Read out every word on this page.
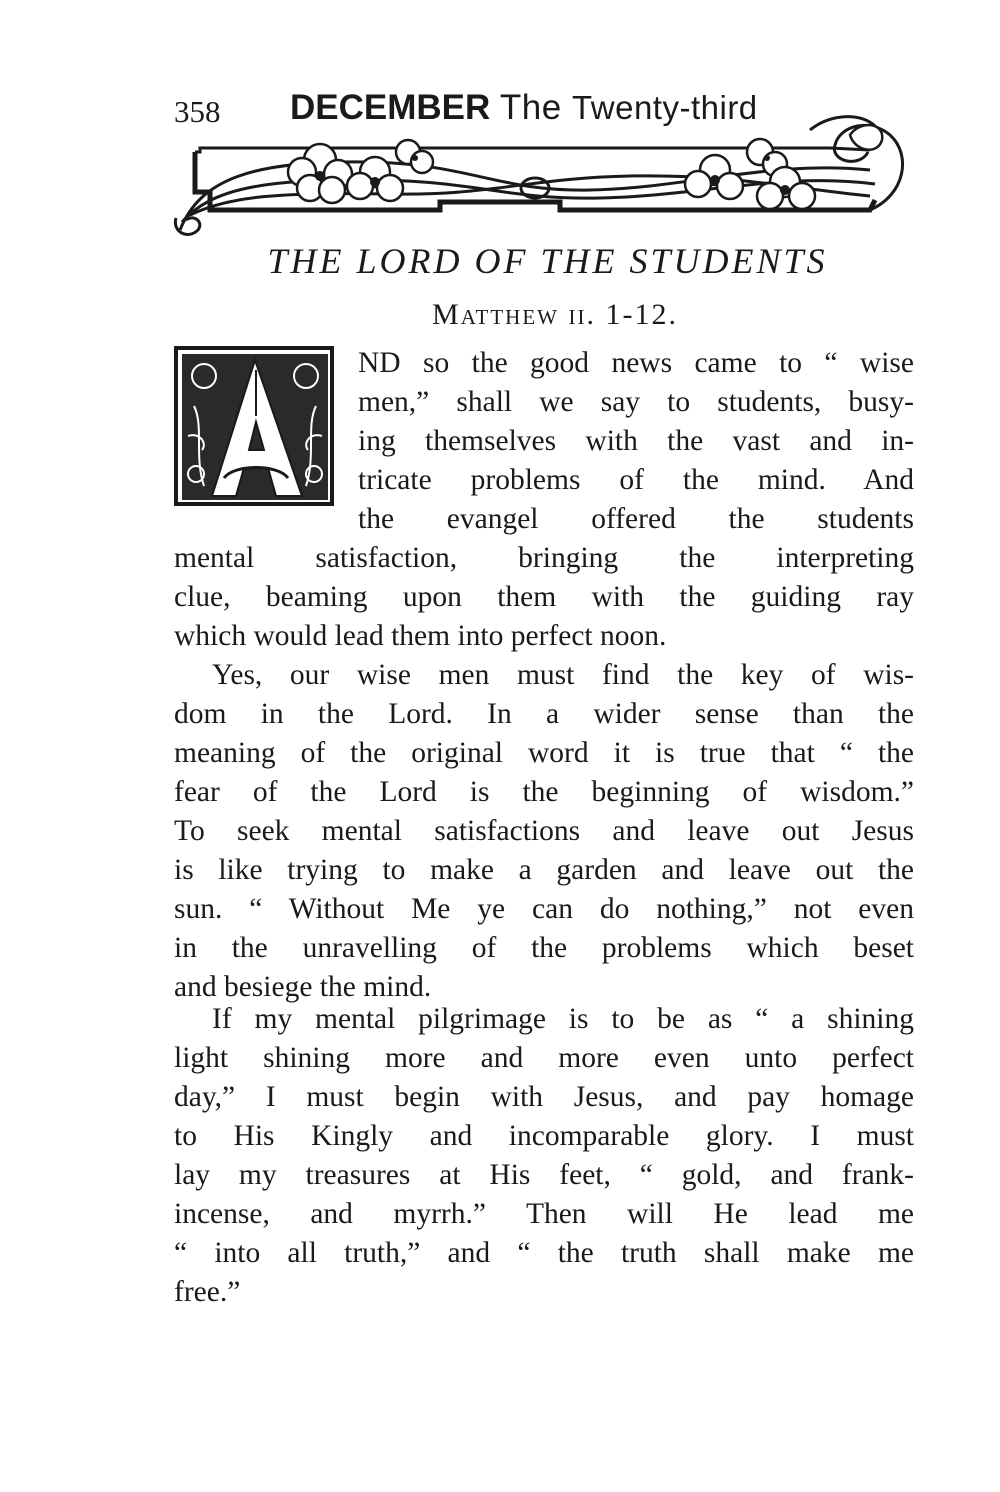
358 DECEMBER The Twenty-third
THE LORD OF THE STUDENTS
Matthew ii. 1-12.
ND so the good news came to “ wise
men,” shall we say to students, busy-
ing themselves with the vast and in-
tricate problems of the mind. And
the evangel offered the students
mental satisfaction, bringing the interpreting
clue, beaming upon them with the guiding ray
which would lead them into perfect noon.
Yes, our wise men must find the key of wis-
dom in the Lord. In a wider sense than the
meaning of the original word it is true that “ the
fear of the Lord is the beginning of wisdom.”
To seek mental satisfactions and leave out Jesus
is like trying to make a garden and leave out the
sun. “ Without Me ye can do nothing,” not even
in the unravelling of the problems which beset
and besiege the mind.
If my mental pilgrimage is to be as “ a shining
light shining more and more even unto perfect
day,” I must begin with Jesus, and pay homage
to His Kingly and incomparable glory. I must
lay my treasures at His feet, “ gold, and frank-
incense, and myrrh.” Then will He lead me
“ into all truth,” and “ the truth shall make me
free.”
